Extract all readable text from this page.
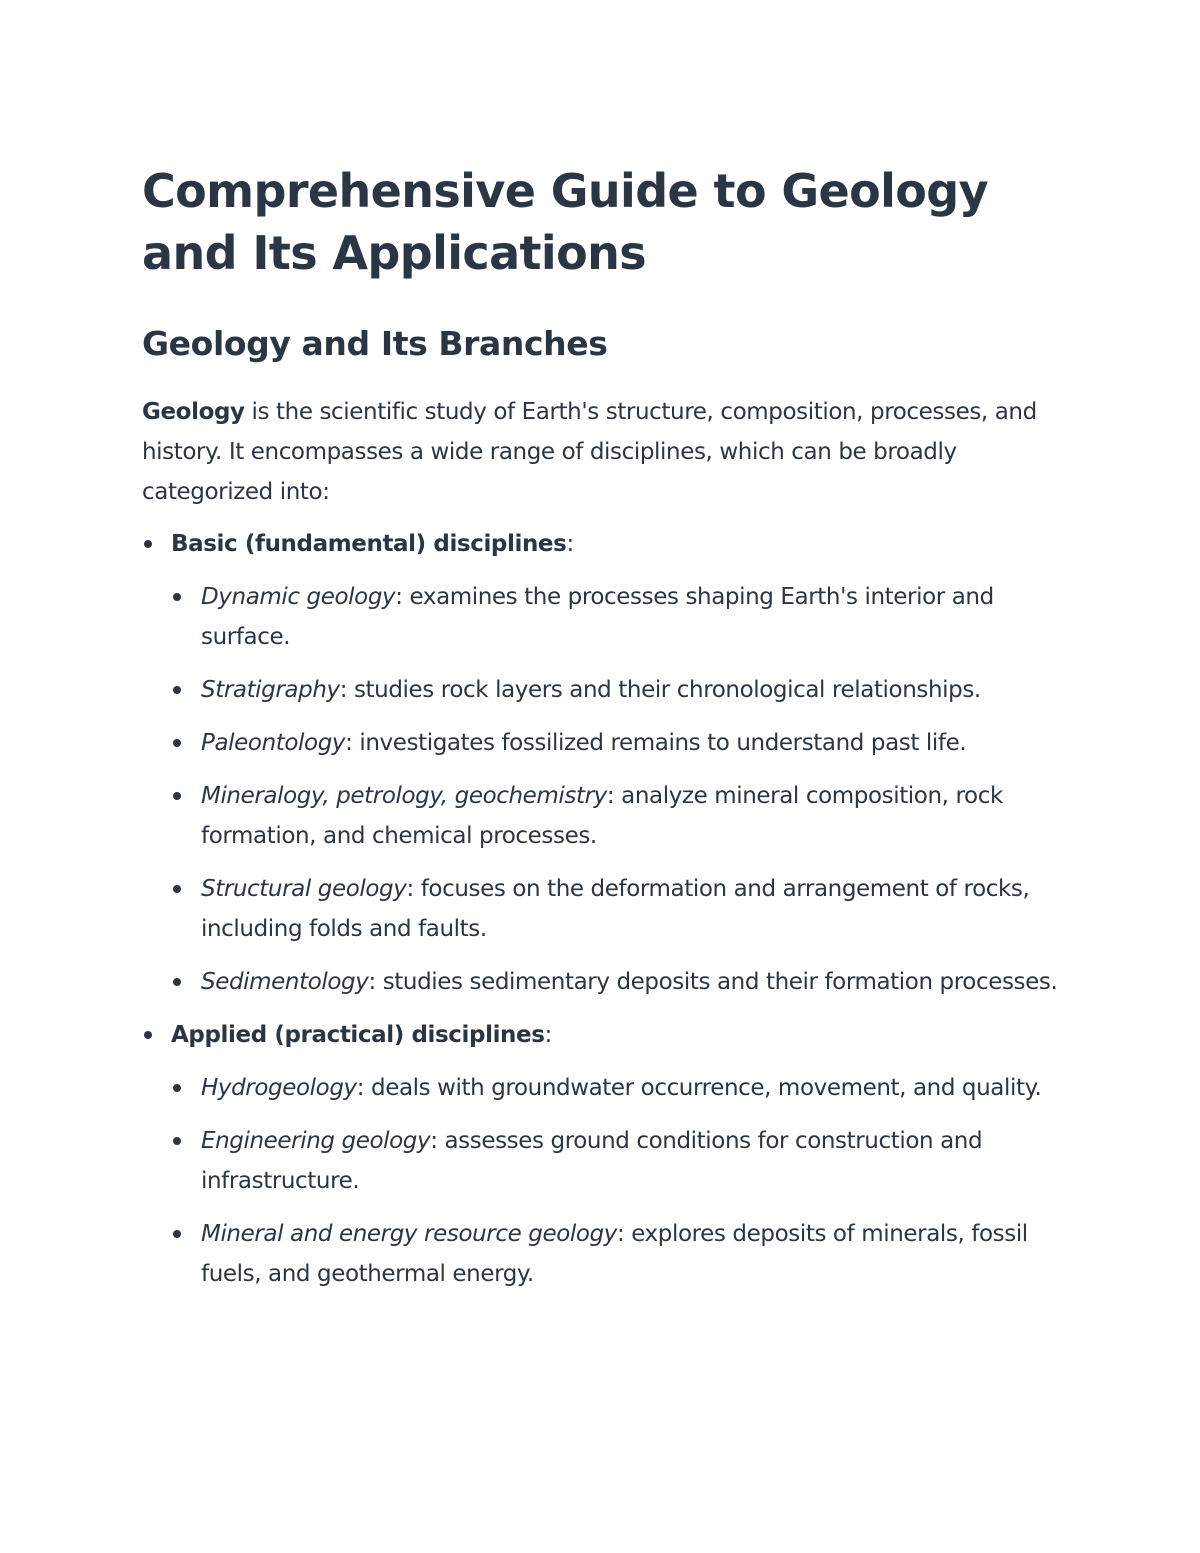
Comprehensive Guide to Geology and Its Applications
Geology and Its Branches

Geology is the scientific study of Earth's structure, composition, processes, and history. It encompasses a wide range of disciplines, which can be broadly categorized into:

Basic (fundamental) disciplines:
Dynamic geology: examines the processes shaping Earth's interior and surface.
Stratigraphy: studies rock layers and their chronological relationships.
Paleontology: investigates fossilized remains to understand past life.
Mineralogy, petrology, geochemistry: analyze mineral composition, rock formation, and chemical processes.
Structural geology: focuses on the deformation and arrangement of rocks, including folds and faults.
Sedimentology: studies sedimentary deposits and their formation processes.
Applied (practical) disciplines:
Hydrogeology: deals with groundwater occurrence, movement, and quality.
Engineering geology: assesses ground conditions for construction and infrastructure.
Mineral and energy resource geology: explores deposits of minerals, fossil fuels, and geothermal energy.
